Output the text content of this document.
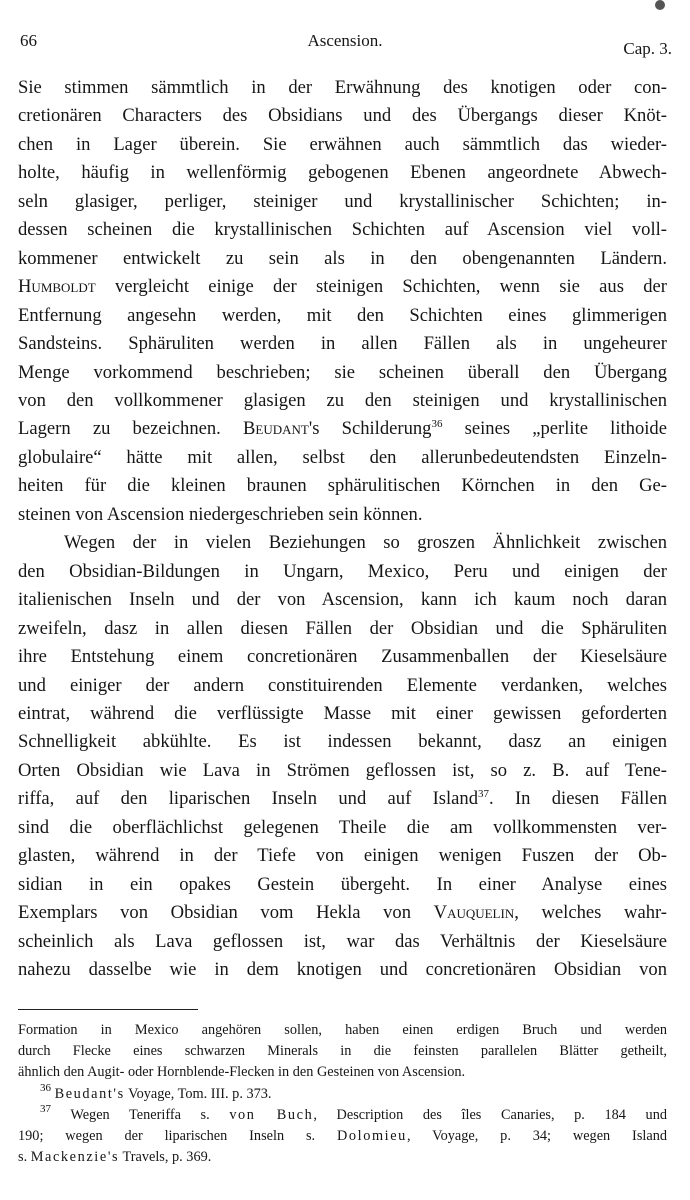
66	Ascension.	Cap. 3.
Sie stimmen sämmtlich in der Erwähnung des knotigen oder con-
cretionären Characters des Obsidians und des Übergangs dieser Knöt-
chen in Lager überein. Sie erwähnen auch sämmtlich das wieder-
holte, häufig in wellenförmig gebogenen Ebenen angeordnete Abwech-
seln glasiger, perliger, steiniger und krystallinischer Schichten; in-
dessen scheinen die krystallinischen Schichten auf Ascension viel voll-
kommener entwickelt zu sein als in den obengenannten Ländern.
Humboldt vergleicht einige der steinigen Schichten, wenn sie aus der
Entfernung angesehn werden, mit den Schichten eines glimmerigen
Sandsteins. Sphäruliten werden in allen Fällen als in ungeheurer
Menge vorkommend beschrieben; sie scheinen überall den Übergang
von den vollkommener glasigen zu den steinigen und krystallinischen
Lagern zu bezeichnen. Beudant's Schilderung$^{36}$ seines „perlite lithoide
globulaire“ hätte mit allen, selbst den allerunbedeutendsten Einzeln-
heiten für die kleinen braunen sphärulitischen Körnchen in den Ge-
steinen von Ascension niedergeschrieben sein können.
Wegen der in vielen Beziehungen so groszen Ähnlichkeit zwischen
den Obsidian-Bildungen in Ungarn, Mexico, Peru und einigen der
italienischen Inseln und der von Ascension, kann ich kaum noch daran
zweifeln, dasz in allen diesen Fällen der Obsidian und die Sphäruliten
ihre Entstehung einem concretionären Zusammenballen der Kieselsäure
und einiger der andern constituirenden Elemente verdanken, welches
eintrat, während die verflüssigte Masse mit einer gewissen geforderten
Schnelligkeit abkühlte. Es ist indessen bekannt, dasz an einigen
Orten Obsidian wie Lava in Strömen geflossen ist, so z. B. auf Tene-
riffa, auf den liparischen Inseln und auf Island$^{37}$. In diesen Fällen
sind die oberflächlichst gelegenen Theile die am vollkommensten ver-
glasten, während in der Tiefe von einigen wenigen Fuszen der Ob-
sidian in ein opakes Gestein übergeht. In einer Analyse eines
Exemplars von Obsidian vom Hekla von Vauquelin, welches wahr-
scheinlich als Lava geflossen ist, war das Verhältnis der Kieselsäure
nahezu dasselbe wie in dem knotigen und concretionären Obsidian von
Formation in Mexico angehören sollen, haben einen erdigen Bruch und werden
durch Flecke eines schwarzen Minerals in die feinsten parallelen Blätter getheilt,
ähnlich den Augit- oder Hornblende-Flecken in den Gesteinen von Ascension.
$^{36}$ Beudant's Voyage, Tom. III. p. 373.
$^{37}$ Wegen Teneriffa s. von Buch, Description des îles Canaries, p. 184 und
190; wegen der liparischen Inseln s. Dolomieu, Voyage, p. 34; wegen Island
s. Mackenzie's Travels, p. 369.
